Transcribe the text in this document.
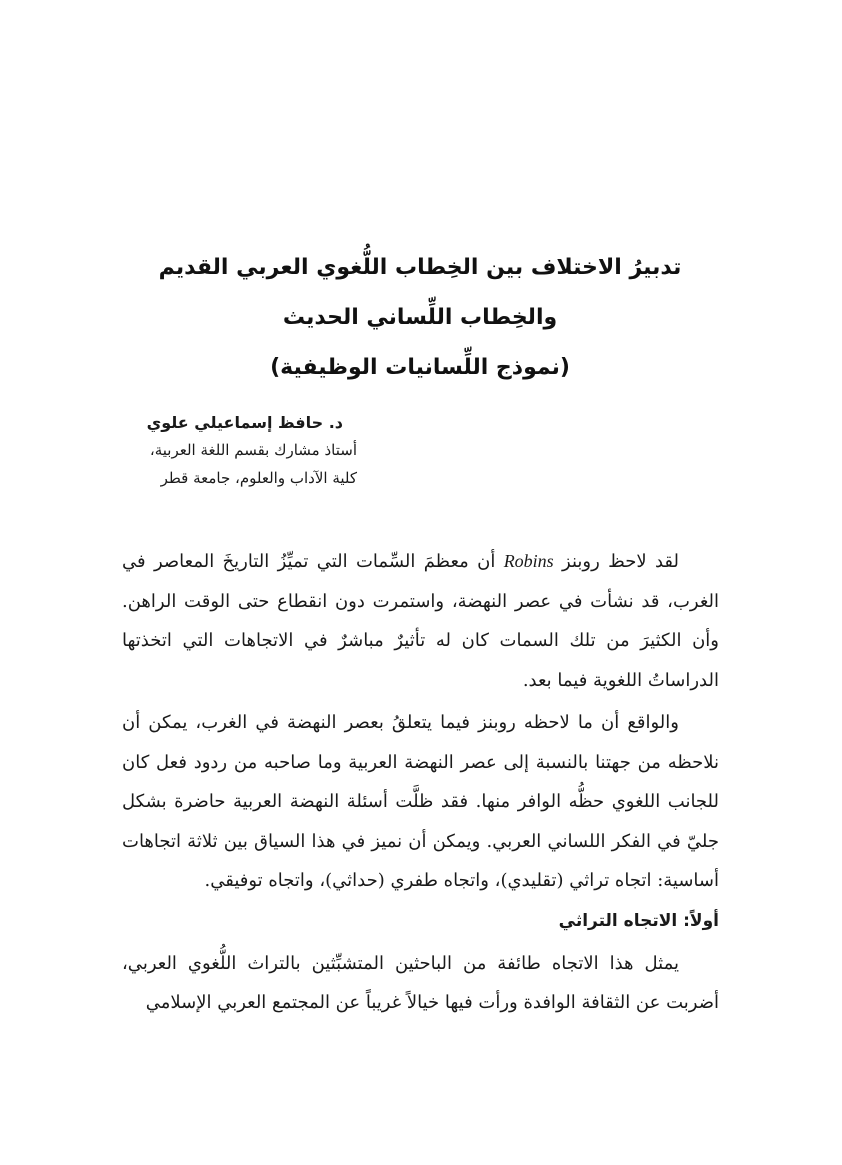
تدبيرُ الاختلاف بين الخِطاب اللُّغوي العربي القديم
والخِطاب اللِّساني الحديث
(نموذج اللِّسانيات الوظيفية)
د. حافظ إسماعيلي علوي
أستاذ مشارك بقسم اللغة العربية،
كلية الآداب والعلوم، جامعة قطر

لقد لاحظ روبنز Robins أن معظمَ السِّمات التي تميِّزُ التاريخَ المعاصر في الغرب، قد نشأت في عصر النهضة، واستمرت دون انقطاع حتى الوقت الراهن. وأن الكثيرَ من تلك السمات كان له تأثيرٌ مباشرٌ في الاتجاهات التي اتخذتها الدراساتُ اللغوية فيما بعد.

والواقع أن ما لاحظه روبنز فيما يتعلقُ بعصر النهضة في الغرب، يمكن أن نلاحظه من جهتنا بالنسبة إلى عصر النهضة العربية وما صاحبه من ردود فعل كان للجانب اللغوي حظُّه الوافر منها. فقد ظلَّت أسئلة النهضة العربية حاضرة بشكل جليّ في الفكر اللساني العربي. ويمكن أن نميز في هذا السياق بين ثلاثة اتجاهات أساسية: اتجاه تراثي (تقليدي)، واتجاه طفري (حداثي)، واتجاه توفيقي.

أولاً: الاتجاه التراثي

يمثل هذا الاتجاه طائفة من الباحثين المتشبِّثين بالتراث اللُّغوي العربي، أضربت عن الثقافة الوافدة ورأت فيها خيالاً غريباً عن المجتمع العربي الإسلامي
